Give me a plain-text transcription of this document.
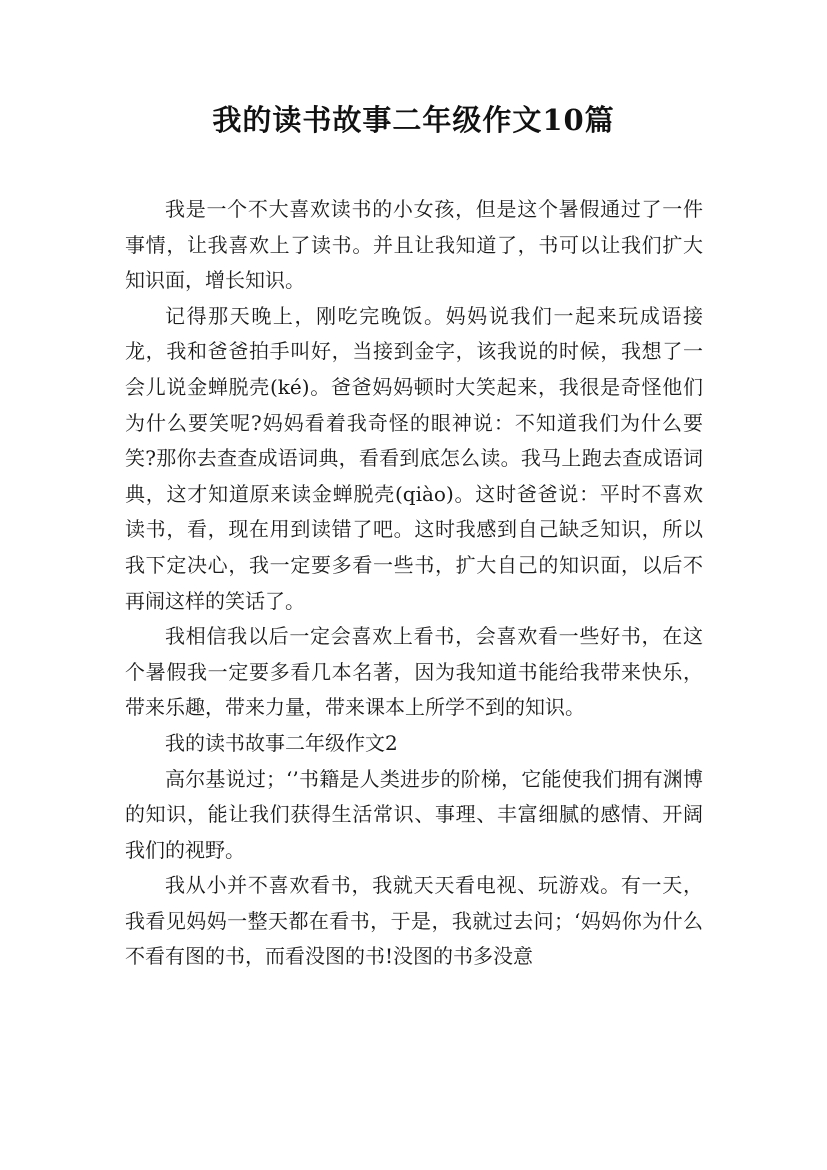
我的读书故事二年级作文10篇

我是一个不大喜欢读书的小女孩，但是这个暑假通过了一件事情，让我喜欢上了读书。并且让我知道了，书可以让我们扩大知识面，增长知识。

记得那天晚上，刚吃完晚饭。妈妈说我们一起来玩成语接龙，我和爸爸拍手叫好，当接到金字，该我说的时候，我想了一会儿说金蝉脱壳(ké)。爸爸妈妈顿时大笑起来，我很是奇怪他们为什么要笑呢?妈妈看着我奇怪的眼神说：不知道我们为什么要笑?那你去查查成语词典，看看到底怎么读。我马上跑去查成语词典，这才知道原来读金蝉脱壳(qiào)。这时爸爸说：平时不喜欢读书，看，现在用到读错了吧。这时我感到自己缺乏知识，所以我下定决心，我一定要多看一些书，扩大自己的知识面，以后不再闹这样的笑话了。

我相信我以后一定会喜欢上看书，会喜欢看一些好书，在这个暑假我一定要多看几本名著，因为我知道书能给我带来快乐，带来乐趣，带来力量，带来课本上所学不到的知识。

我的读书故事二年级作文2

高尔基说过；‘’书籍是人类进步的阶梯，它能使我们拥有渊博的知识，能让我们获得生活常识、事理、丰富细腻的感情、开阔我们的视野。

我从小并不喜欢看书，我就天天看电视、玩游戏。有一天，我看见妈妈一整天都在看书，于是，我就过去问；‘妈妈你为什么不看有图的书，而看没图的书!没图的书多没意
